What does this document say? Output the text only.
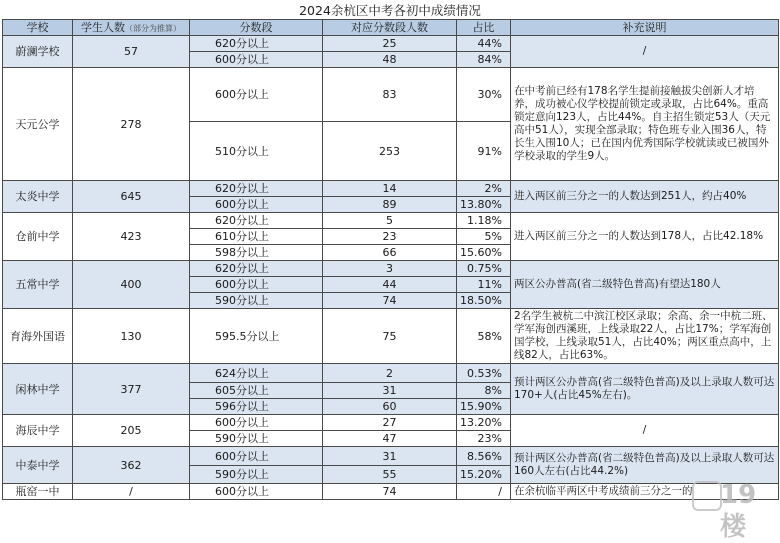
2024余杭区中考各初中成绩情况
学校	学生人数（部分为推算）	分数段	对应分数段人数	占比	补充说明
蔚澜学校	57	620分以上	25	44%	/
		600分以上	48	84%	
天元公学	278	600分以上	83	30%	在中考前已经有178名学生提前接触拔尖创新人才培养，成功被心仪学校提前锁定或录取，占比64%。重高锁定意向123人，占比44%。自主招生锁定53人（天元高中51人），实现全部录取；特色班专业入围36人，特长生入围10人；已在国内优秀国际学校就读或已被国外学校录取的学生9人。
		510分以上	253	91%	
太炎中学	645	620分以上	14	2%	进入两区前三分之一的人数达到251人，约占40%
		600分以上	89	13.80%	
仓前中学	423	620分以上	5	1.18%	进入两区前三分之一的人数达到178人，占比42.18%
		610分以上	23	5%	
		598分以上	66	15.60%	
五常中学	400	620分以上	3	0.75%	两区公办普高(省二级特色普高)有望达180人
		600分以上	44	11%	
		590分以上	74	18.50%	
育海外国语	130	595.5分以上	75	58%	2名学生被杭二中滨江校区录取；余高、余一中杭二班、学军海创西溪班，上线录取22人，占比17%；学军海创国学校，上线录取51人，占比40%；两区重点高中，上线82人，占比63%。
闲林中学	377	624分以上	2	0.53%	预计两区公办普高(省二级特色普高)及以上录取人数可达170+人(占比45%左右)。
		605分以上	31	8%	
		596分以上	60	15.90%	
海辰中学	205	600分以上	27	13.20%	/
		590分以上	47	23%	
中泰中学	362	600分以上	31	8.56%	预计两区公办普高(省二级特色普高)及以上录取人数可达160人左右(占比44.2%)
		590分以上	55	15.20%	
瓶窑一中	/	600分以上	74	/	在余杭临平两区中考成绩前三分之一的 19楼
